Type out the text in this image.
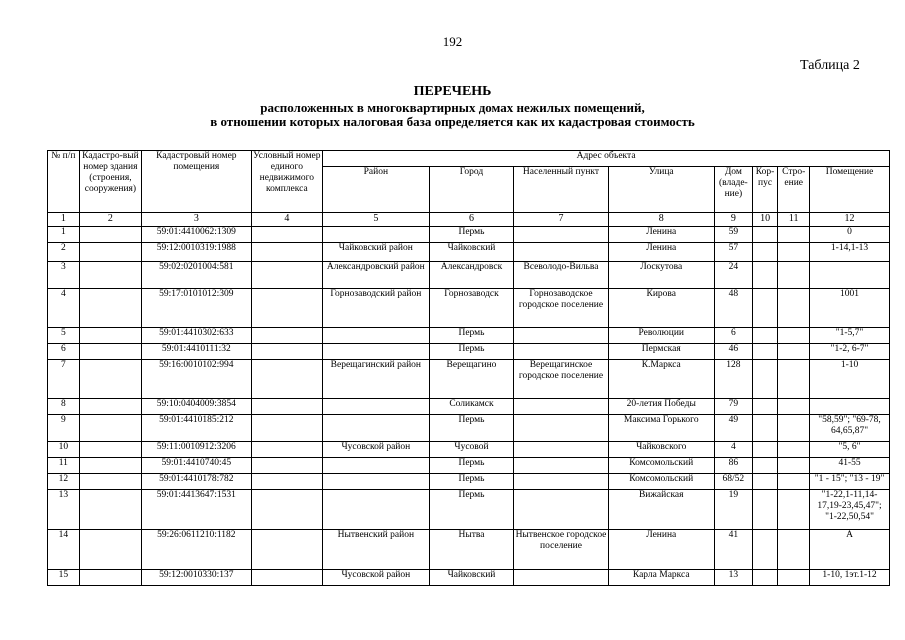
192
Таблица 2
ПЕРЕЧЕНЬ
расположенных в многоквартирных домах нежилых помещений,
в отношении которых налоговая база определяется как их кадастровая стоимость
№ п/п	Кадастро-вый номер здания (строения, сооружения)	Кадастровый номер помещения	Условный номер единого недвижимого комплекса	Адрес объекта							
				Район	Город	Населенный пункт	Улица	Дом (владе-ние)	Кор-пус	Стро-ение	Помещение
1	2	3	4	5	6	7	8	9	10	11	12
1		59:01:4410062:1309			Пермь		Ленина	59			0
2		59:12:0010319:1988		Чайковский район	Чайковский		Ленина	57			1-14,1-13
3		59:02:0201004:581		Александровский район	Александровск	Всеволодо-Вильва	Лоскутова	24			
4		59:17:0101012:309		Горнозаводский район	Горнозаводск	Горнозаводское городское поселение	Кирова	48			1001
5		59:01:4410302:633			Пермь		Революции	6			"1-5,7"
6		59:01:4410111:32			Пермь		Пермская	46			"1-2, 6-7"
7		59:16:0010102:994		Верещагинский район	Верещагино	Верещагинское городское поселение	К.Маркса	128			1-10
8		59:10:0404009:3854			Соликамск		20-летия Победы	79			
9		59:01:4410185:212			Пермь		Максима Горького	49			"58,59"; "69-78, 64,65,87"
10		59:11:0010912:3206		Чусовской район	Чусовой		Чайковского	4			"5, 6"
11		59:01:4410740:45			Пермь		Комсомольский	86			41-55
12		59:01:4410178:782			Пермь		Комсомольский	68/52			"1 - 15"; "13 - 19"
13		59:01:4413647:1531			Пермь		Вижайская	19			"1-22,1-11,14-17,19-23,45,47"; "1-22,50,54"
14		59:26:0611210:1182		Нытвенский район	Нытва	Нытвенское городское поселение	Ленина	41			А
15		59:12:0010330:137		Чусовской район	Чайковский		Карла Маркса	13			1-10, 1эт.1-12
